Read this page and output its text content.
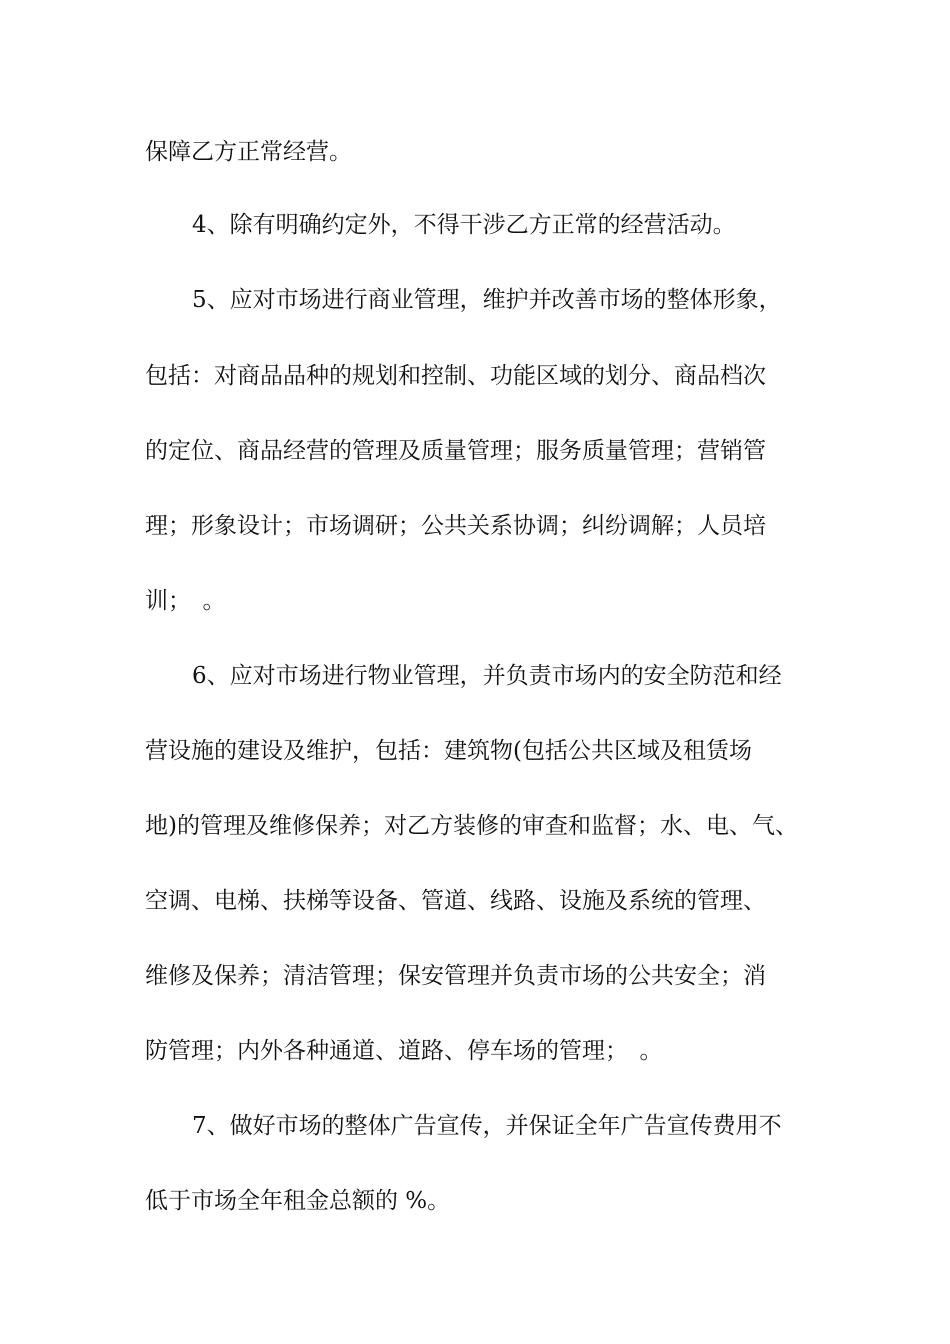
保障乙方正常经营。
4、除有明确约定外，不得干涉乙方正常的经营活动。
5、应对市场进行商业管理，维护并改善市场的整体形象，
包括：对商品品种的规划和控制、功能区域的划分、商品档次
的定位、商品经营的管理及质量管理；服务质量管理；营销管
理；形象设计；市场调研；公共关系协调；纠纷调解；人员培
训；　。
6、应对市场进行物业管理，并负责市场内的安全防范和经
营设施的建设及维护，包括：建筑物(包括公共区域及租赁场
地)的管理及维修保养；对乙方装修的审查和监督；水、电、气、
空调、电梯、扶梯等设备、管道、线路、设施及系统的管理、
维修及保养；清洁管理；保安管理并负责市场的公共安全；消
防管理；内外各种通道、道路、停车场的管理；　。
7、做好市场的整体广告宣传，并保证全年广告宣传费用不
低于市场全年租金总额的 %。
